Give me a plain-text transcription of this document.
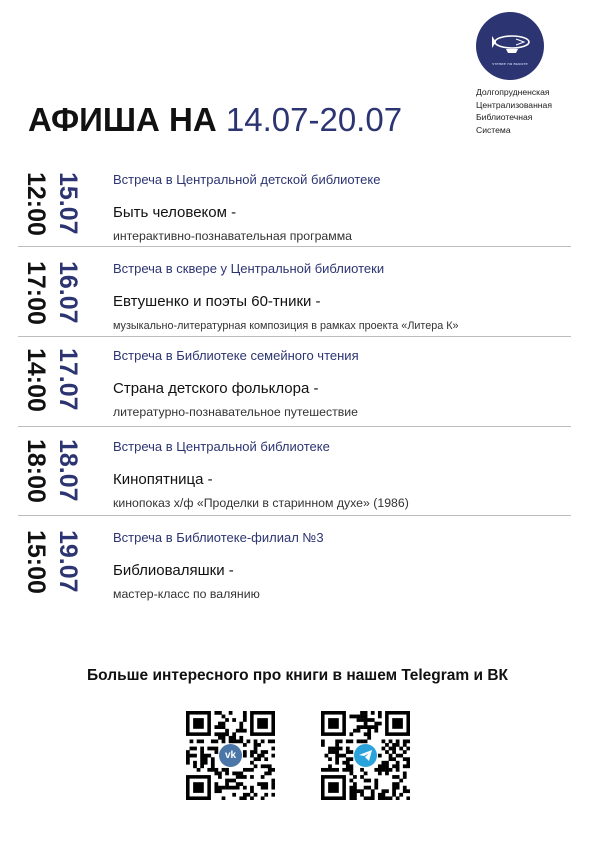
чтение на высоте
Долгопрудненская
Централизованная
Библиотечная
Система
АФИША НА 14.07-20.07
15.07
12:00	Встреча в Центральной детской библиотеке
Быть человеком -
интерактивно-познавательная программа
16.07
17:00	Встреча в сквере у Центральной библиотеки
Евтушенко и поэты 60-тники -
музыкально-литературная композиция в рамках проекта «Литера К»
17.07
14:00	Встреча в Библиотеке семейного чтения
Страна детского фольклора -
литературно-познавательное путешествие
18.07
18:00	Встреча в Центральной библиотеке
Кинопятница -
кинопоказ х/ф «Проделки в старинном духе» (1986)
19.07
15:00	Встреча в Библиотеке-филиал №3
Библиоваляшки -
мастер-класс по валянию
Больше интересного про книги в нашем Telegram и ВК
vk
